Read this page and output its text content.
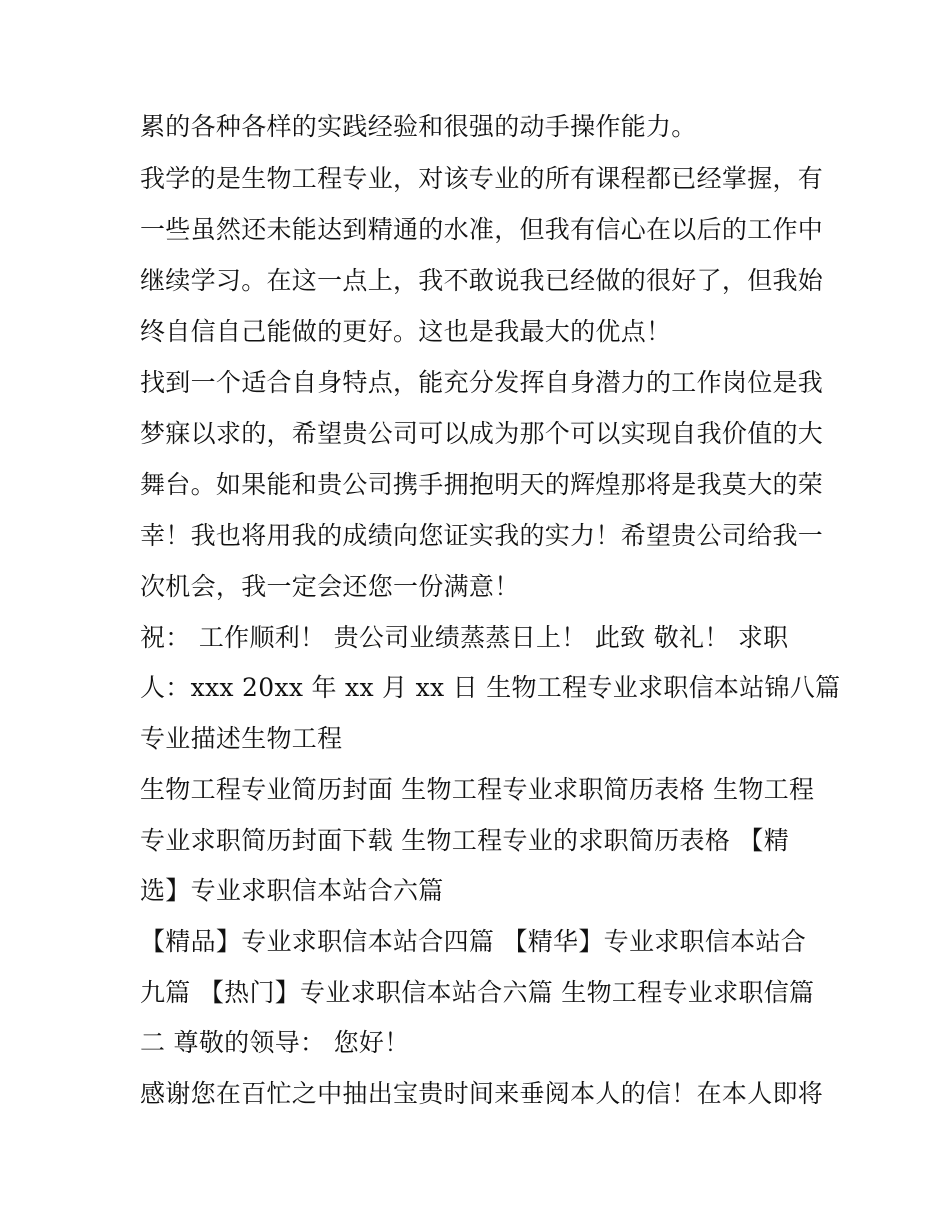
累的各种各样的实践经验和很强的动手操作能力。
我学的是生物工程专业，对该专业的所有课程都已经掌握，有
一些虽然还未能达到精通的水准，但我有信心在以后的工作中
继续学习。在这一点上，我不敢说我已经做的很好了，但我始
终自信自己能做的更好。这也是我最大的优点！
找到一个适合自身特点，能充分发挥自身潜力的工作岗位是我
梦寐以求的，希望贵公司可以成为那个可以实现自我价值的大
舞台。如果能和贵公司携手拥抱明天的辉煌那将是我莫大的荣
幸！我也将用我的成绩向您证实我的实力！希望贵公司给我一
次机会，我一定会还您一份满意！
祝： 工作顺利！ 贵公司业绩蒸蒸日上！ 此致 敬礼！ 求职
人：xxx 20xx 年 xx 月 xx 日 生物工程专业求职信本站锦八篇
专业描述生物工程
生物工程专业简历封面 生物工程专业求职简历表格 生物工程
专业求职简历封面下载 生物工程专业的求职简历表格 【精
选】专业求职信本站合六篇
【精品】专业求职信本站合四篇 【精华】专业求职信本站合
九篇 【热门】专业求职信本站合六篇 生物工程专业求职信篇
二 尊敬的领导： 您好！
感谢您在百忙之中抽出宝贵时间来垂阅本人的信！在本人即将
